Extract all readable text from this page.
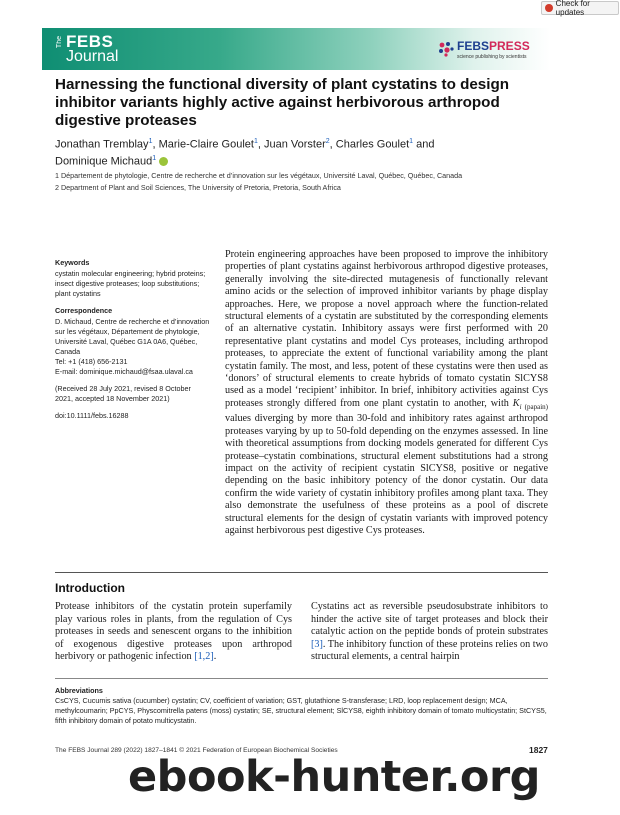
Check for updates
The FEBS
Journal
FEBSPRESS
science publishing by scientists
Harnessing the functional diversity of plant cystatins to design inhibitor variants highly active against herbivorous arthropod digestive proteases
Jonathan Tremblay$^1$, Marie-Claire Goulet$^1$, Juan Vorster$^2$, Charles Goulet$^1$ and
Dominique Michaud$^1$
1 Département de phytologie, Centre de recherche et d’innovation sur les végétaux, Université Laval, Québec, Québec, Canada
2 Department of Plant and Soil Sciences, The University of Pretoria, Pretoria, South Africa
Keywords
cystatin molecular engineering; hybrid proteins; insect digestive proteases; loop substitutions; plant cystatins
Correspondence
D. Michaud, Centre de recherche et d’innovation sur les végétaux, Département de phytologie, Université Laval, Québec G1A 0A6, Québec, Canada
Tel: +1 (418) 656-2131
E-mail: dominique.michaud@fsaa.ulaval.ca
(Received 28 July 2021, revised 8 October 2021, accepted 18 November 2021)
doi:10.1111/febs.16288
Protein engineering approaches have been proposed to improve the inhibitory properties of plant cystatins against herbivorous arthropod digestive proteases, generally involving the site-directed mutagenesis of functionally relevant amino acids or the selection of improved inhibitor variants by phage display approaches. Here, we propose a novel approach where the function-related structural elements of a cystatin are substituted by the corresponding elements of an alternative cystatin. Inhibitory assays were first performed with 20 representative plant cystatins and model Cys proteases, including arthropod proteases, to appreciate the extent of functional variability among the plant cystatin family. The most, and less, potent of these cystatins were then used as ‘donors’ of structural elements to create hybrids of tomato cystatin SlCYS8 used as a model ‘recipient’ inhibitor. In brief, inhibitory activities against Cys proteases strongly differed from one plant cystatin to another, with $K_i$ $_{(papain)}$ values diverging by more than 30-fold and inhibitory rates against arthropod proteases varying by up to 50-fold depending on the enzymes assessed. In line with theoretical assumptions from docking models generated for different Cys protease–cystatin combinations, structural element substitutions had a strong impact on the activity of recipient cystatin SlCYS8, positive or negative depending on the basic inhibitory potency of the donor cystatin. Our data confirm the wide variety of cystatin inhibitory profiles among plant taxa. They also demonstrate the usefulness of these proteins as a pool of discrete structural elements for the design of cystatin variants with improved potency against herbivorous pest digestive Cys proteases.
Introduction
Protease inhibitors of the cystatin protein superfamily play various roles in plants, from the regulation of Cys proteases in seeds and senescent organs to the inhibition of exogenous digestive proteases upon arthropod herbivory or pathogenic infection [1,2].
Cystatins act as reversible pseudosubstrate inhibitors to hinder the active site of target proteases and block their catalytic action on the peptide bonds of protein substrates [3]. The inhibitory function of these proteins relies on two structural elements, a central hairpin
Abbreviations
CsCYS, Cucumis sativa (cucumber) cystatin; CV, coefficient of variation; GST, glutathione S-transferase; LRD, loop replacement design; MCA, methylcoumarin; PpCYS, Physcomitrella patens (moss) cystatin; SE, structural element; SlCYS8, eighth inhibitory domain of tomato multicystatin; StCYS5, fifth inhibitory domain of potato multicystatin.
The FEBS Journal 289 (2022) 1827–1841 © 2021 Federation of European Biochemical Societies	1827
ebook-hunter.org
